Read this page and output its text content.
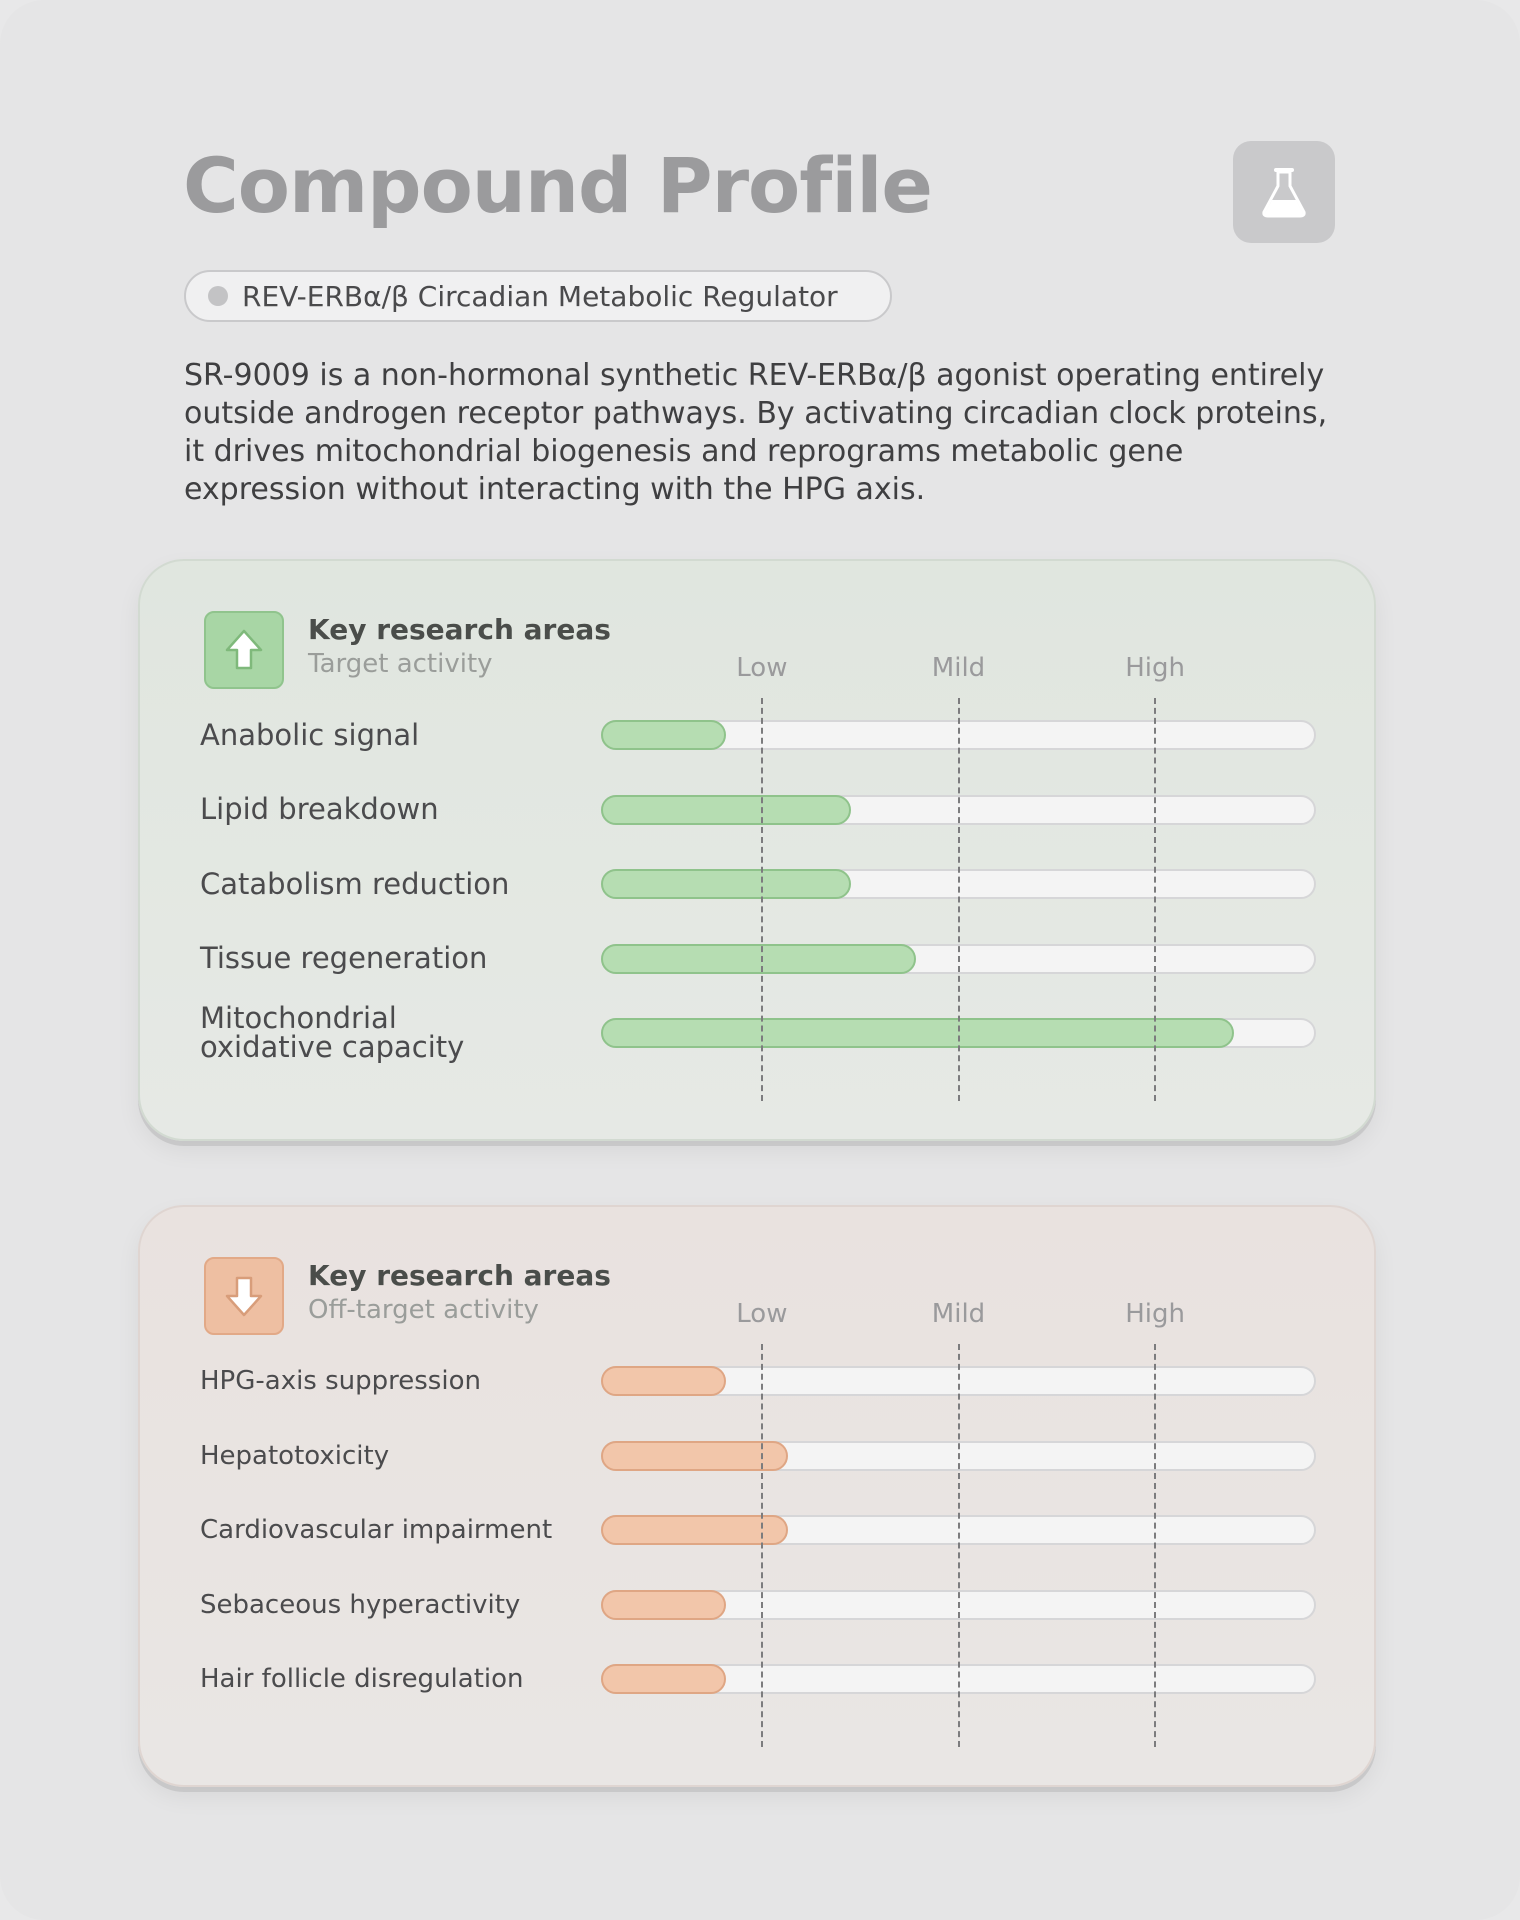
Compound Profile
REV-ERBα/β Circadian Metabolic Regulator

SR-9009 is a non-hormonal synthetic REV-ERBα/β agonist operating entirely outside androgen receptor pathways. By activating circadian clock proteins, it drives mitochondrial biogenesis and reprograms metabolic gene expression without interacting with the HPG axis.

Key research areas
Target activity	Low	Mild	High
Anabolic signal
Lipid breakdown
Catabolism reduction
Tissue regeneration
Mitochondrial oxidative capacity
Key research areas
Off-target activity	Low	Mild	High
HPG-axis suppression
Hepatotoxicity
Cardiovascular impairment
Sebaceous hyperactivity
Hair follicle disregulation
